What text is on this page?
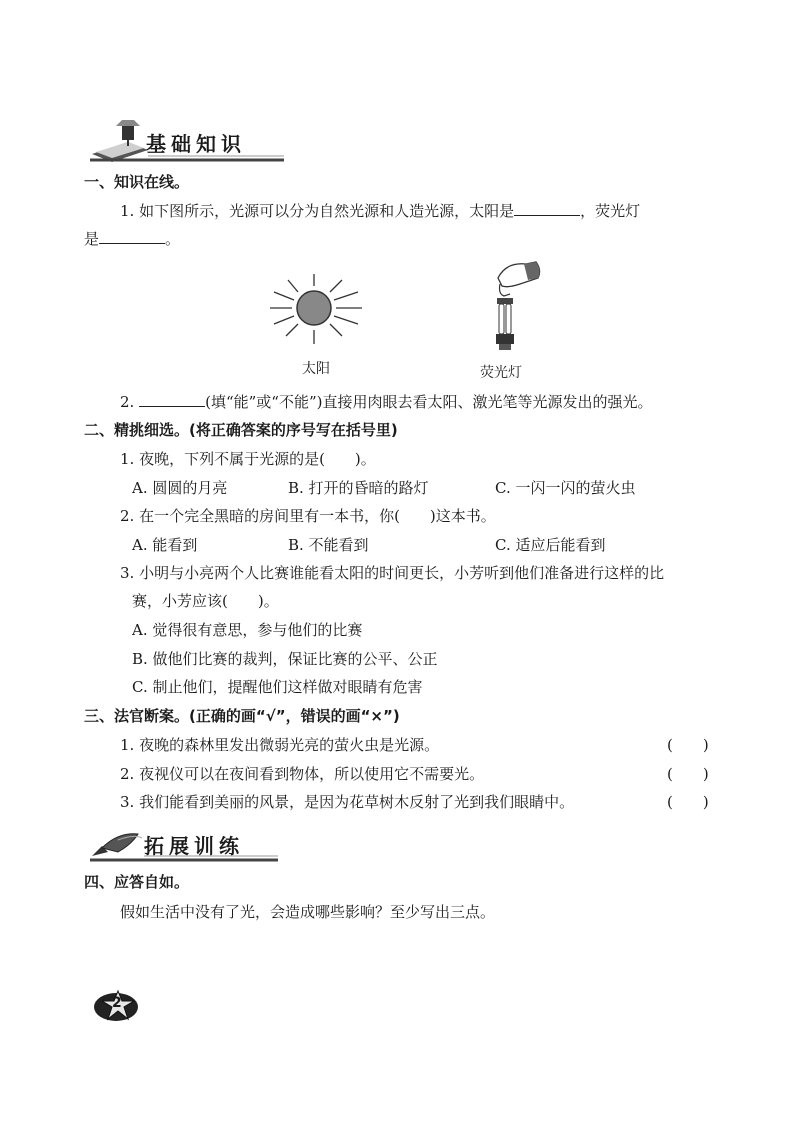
基础知识
一、知识在线。
1. 如下图所示，光源可以分为自然光源和人造光源，太阳是	，荧光灯
是	。
太阳	荧光灯
2.	(填“能”或“不能”)直接用肉眼去看太阳、激光笔等光源发出的强光。
二、精挑细选。(将正确答案的序号写在括号里)
1. 夜晚，下列不属于光源的是(　　)。
A. 圆圆的月亮	B. 打开的昏暗的路灯	C. 一闪一闪的萤火虫
2. 在一个完全黑暗的房间里有一本书，你(　　)这本书。
A. 能看到	B. 不能看到	C. 适应后能看到
3. 小明与小亮两个人比赛谁能看太阳的时间更长，小芳听到他们准备进行这样的比
赛，小芳应该(　　)。
A. 觉得很有意思，参与他们的比赛
B. 做他们比赛的裁判，保证比赛的公平、公正
C. 制止他们，提醒他们这样做对眼睛有危害
三、法官断案。(正确的画“√”，错误的画“×”)
1. 夜晚的森林里发出微弱光亮的萤火虫是光源。	(　　)
2. 夜视仪可以在夜间看到物体，所以使用它不需要光。	(　　)
3. 我们能看到美丽的风景，是因为花草树木反射了光到我们眼睛中。	(　　)
拓展训练
四、应答自如。
假如生活中没有了光，会造成哪些影响？至少写出三点。
2
